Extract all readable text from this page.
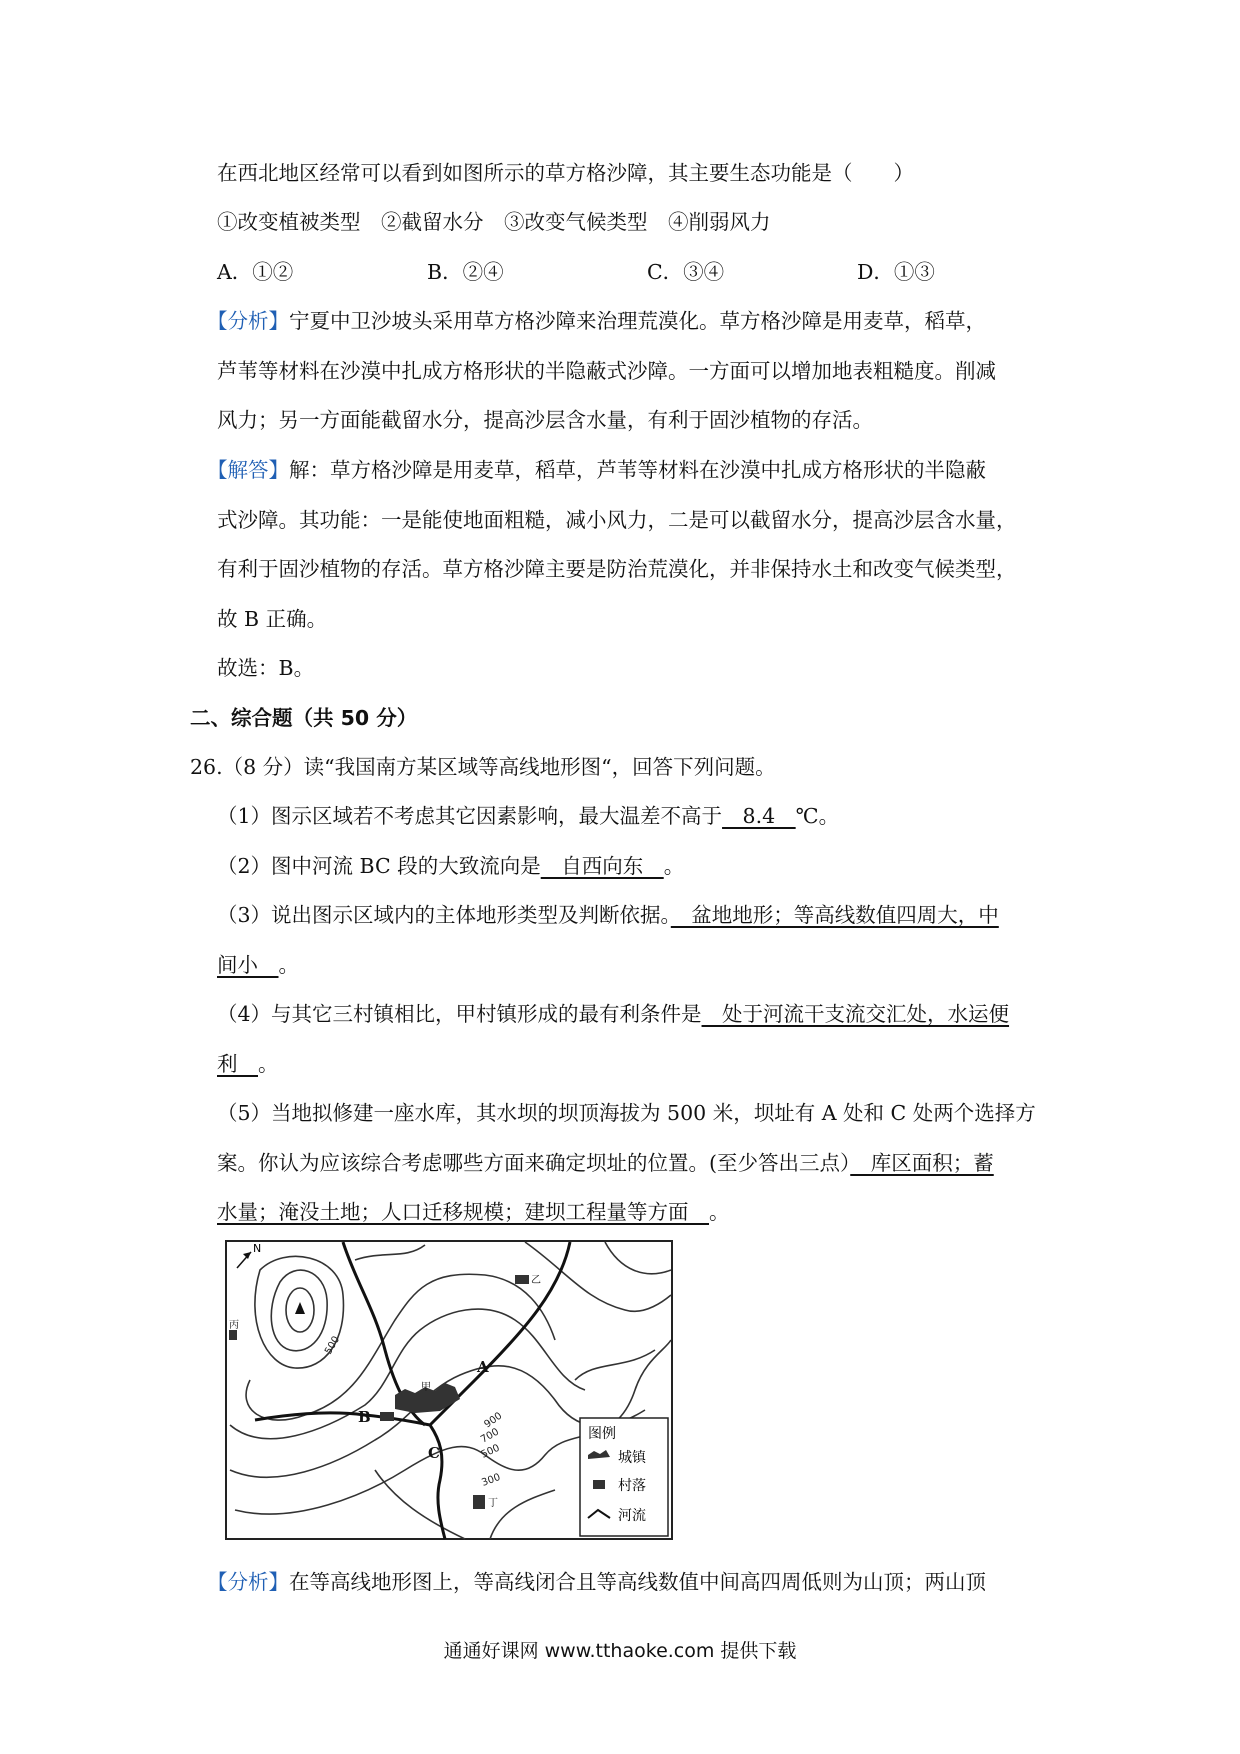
在西北地区经常可以看到如图所示的草方格沙障，其主要生态功能是（　　）
①改变植被类型　②截留水分　③改变气候类型　④削弱风力
A．①②	B．②④	C．③④	D．①③
【分析】宁夏中卫沙坡头采用草方格沙障来治理荒漠化。草方格沙障是用麦草，稻草，
芦苇等材料在沙漠中扎成方格形状的半隐蔽式沙障。一方面可以增加地表粗糙度。削减
风力；另一方面能截留水分，提高沙层含水量，有利于固沙植物的存活。
【解答】解：草方格沙障是用麦草，稻草，芦苇等材料在沙漠中扎成方格形状的半隐蔽
式沙障。其功能：一是能使地面粗糙，减小风力，二是可以截留水分，提高沙层含水量，
有利于固沙植物的存活。草方格沙障主要是防治荒漠化，并非保持水土和改变气候类型，
故 B 正确。
故选：B。
二、综合题（共 50 分）
26.（8 分）读“我国南方某区域等高线地形图“，回答下列问题。
（1）图示区域若不考虑其它因素影响，最大温差不高于　8.4　℃。
（2）图中河流 BC 段的大致流向是　自西向东　。
（3）说出图示区域内的主体地形类型及判断依据。　盆地地形；等高线数值四周大，中
间小　。
（4）与其它三村镇相比，甲村镇形成的最有利条件是　处于河流干支流交汇处，水运便
利　。
（5）当地拟修建一座水库，其水坝的坝顶海拔为 500 米，坝址有 A 处和 C 处两个选择方
案。你认为应该综合考虑哪些方面来确定坝址的位置。(至少答出三点）　库区面积；蓄
水量；淹没土地；人口迁移规模；建坝工程量等方面　。
N
甲
乙
丙
丁
500
900
700
500
300
A
B
C
图例
城镇
村落
河流
【分析】在等高线地形图上，等高线闭合且等高线数值中间高四周低则为山顶；两山顶
通通好课网 www.tthaoke.com 提供下载
